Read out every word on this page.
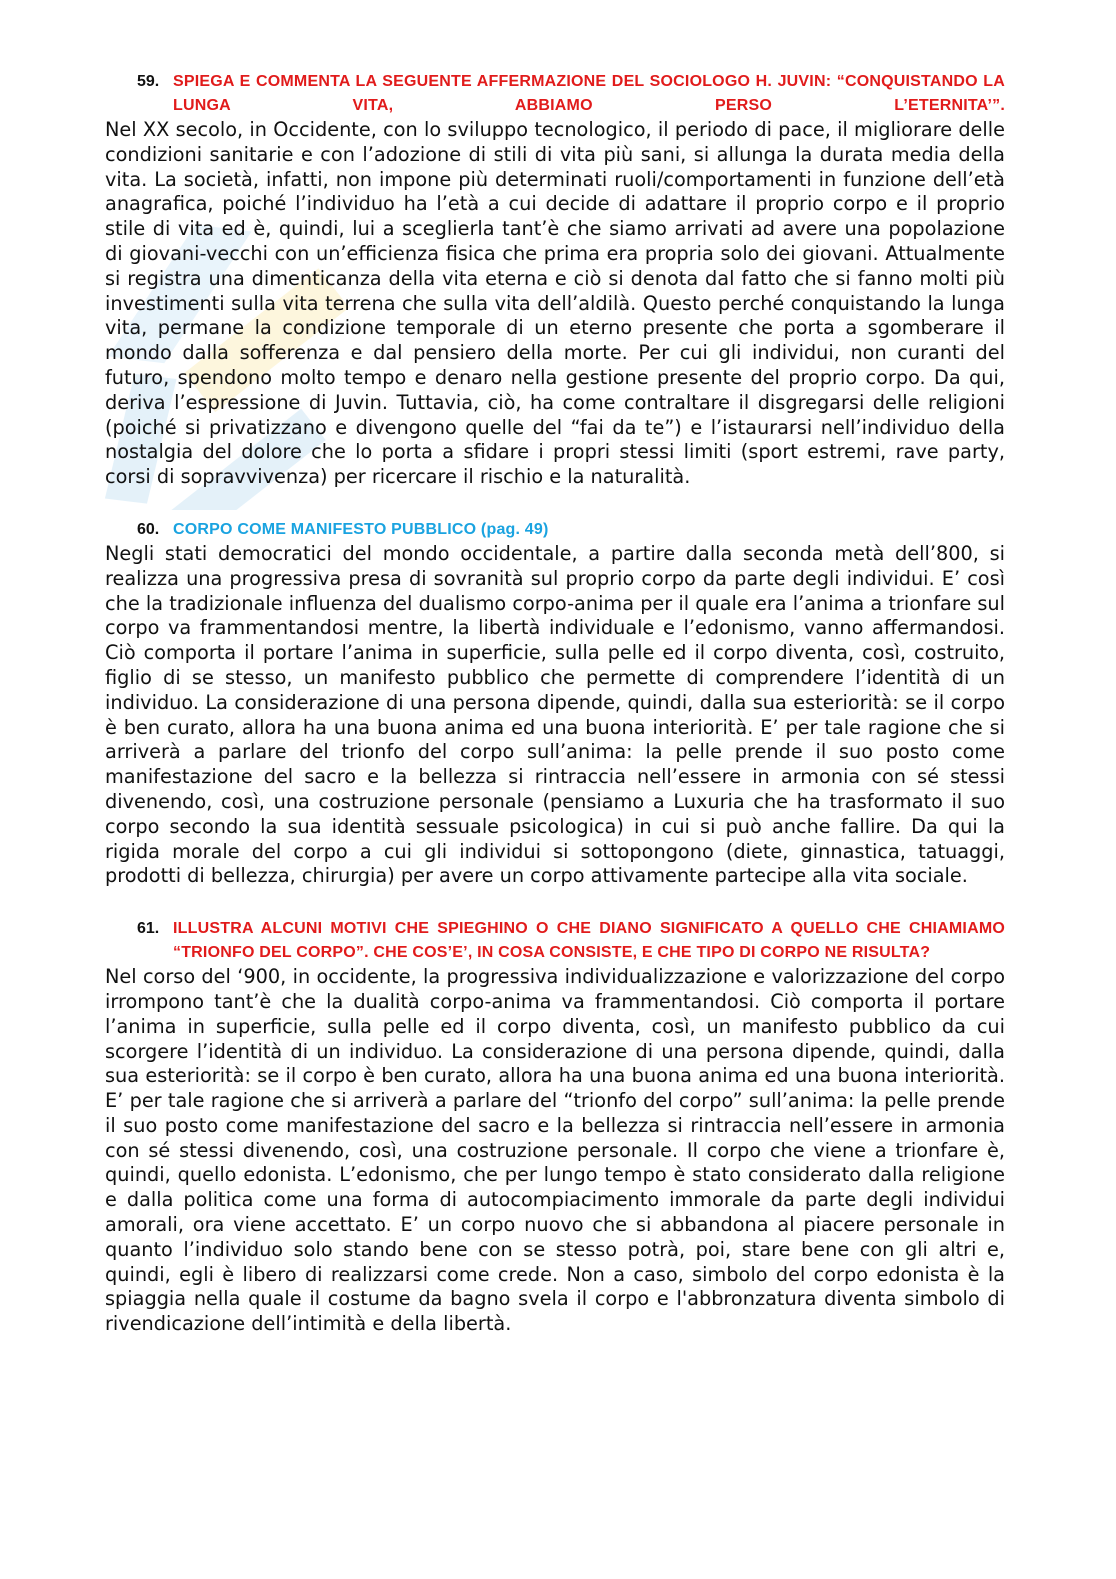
59. SPIEGA E COMMENTA LA SEGUENTE AFFERMAZIONE DEL SOCIOLOGO H. JUVIN: “CONQUISTANDO LA LUNGA VITA, ABBIAMO PERSO L’ETERNITA’”.

Nel XX secolo, in Occidente, con lo sviluppo tecnologico, il periodo di pace, il migliorare delle condizioni sanitarie e con l’adozione di stili di vita più sani, si allunga la durata media della vita. La società, infatti, non impone più determinati ruoli/comportamenti in funzione dell’età anagrafica, poiché l’individuo ha l’età a cui decide di adattare il proprio corpo e il proprio stile di vita ed è, quindi, lui a sceglierla tant’è che siamo arrivati ad avere una popolazione di giovani-vecchi con un’efficienza fisica che prima era propria solo dei giovani. Attualmente si registra una dimenticanza della vita eterna e ciò si denota dal fatto che si fanno molti più investimenti sulla vita terrena che sulla vita dell’aldilà. Questo perché conquistando la lunga vita, permane la condizione temporale di un eterno presente che porta a sgomberare il mondo dalla sofferenza e dal pensiero della morte. Per cui gli individui, non curanti del futuro, spendono molto tempo e denaro nella gestione presente del proprio corpo. Da qui, deriva l’espressione di Juvin. Tuttavia, ciò, ha come contraltare il disgregarsi delle religioni (poiché si privatizzano e divengono quelle del “fai da te”) e l’istaurarsi nell’individuo della nostalgia del dolore che lo porta a sfidare i propri stessi limiti (sport estremi, rave party, corsi di sopravvivenza) per ricercare il rischio e la naturalità.

60. CORPO COME MANIFESTO PUBBLICO (pag. 49)

Negli stati democratici del mondo occidentale, a partire dalla seconda metà dell’800, si realizza una progressiva presa di sovranità sul proprio corpo da parte degli individui. E’ così che la tradizionale influenza del dualismo corpo-anima per il quale era l’anima a trionfare sul corpo va frammentandosi mentre, la libertà individuale e l’edonismo, vanno affermandosi. Ciò comporta il portare l’anima in superficie, sulla pelle ed il corpo diventa, così, costruito, figlio di se stesso, un manifesto pubblico che permette di comprendere l’identità di un individuo. La considerazione di una persona dipende, quindi, dalla sua esteriorità: se il corpo è ben curato, allora ha una buona anima ed una buona interiorità. E’ per tale ragione che si arriverà a parlare del trionfo del corpo sull’anima: la pelle prende il suo posto come manifestazione del sacro e la bellezza si rintraccia nell’essere in armonia con sé stessi divenendo, così, una costruzione personale (pensiamo a Luxuria che ha trasformato il suo corpo secondo la sua identità sessuale psicologica) in cui si può anche fallire. Da qui la rigida morale del corpo a cui gli individui si sottopongono (diete, ginnastica, tatuaggi, prodotti di bellezza, chirurgia) per avere un corpo attivamente partecipe alla vita sociale.

61. ILLUSTRA ALCUNI MOTIVI CHE SPIEGHINO O CHE DIANO SIGNIFICATO A QUELLO CHE CHIAMIAMO “TRIONFO DEL CORPO”. CHE COS’E’, IN COSA CONSISTE, E CHE TIPO DI CORPO NE RISULTA?

Nel corso del ‘900, in occidente, la progressiva individualizzazione e valorizzazione del corpo irrompono tant’è che la dualità corpo-anima va frammentandosi. Ciò comporta il portare l’anima in superficie, sulla pelle ed il corpo diventa, così, un manifesto pubblico da cui scorgere l’identità di un individuo. La considerazione di una persona dipende, quindi, dalla sua esteriorità: se il corpo è ben curato, allora ha una buona anima ed una buona interiorità. E’ per tale ragione che si arriverà a parlare del “trionfo del corpo” sull’anima: la pelle prende il suo posto come manifestazione del sacro e la bellezza si rintraccia nell’essere in armonia con sé stessi divenendo, così, una costruzione personale. Il corpo che viene a trionfare è, quindi, quello edonista. L’edonismo, che per lungo tempo è stato considerato dalla religione e dalla politica come una forma di autocompiacimento immorale da parte degli individui amorali, ora viene accettato. E’ un corpo nuovo che si abbandona al piacere personale in quanto l’individuo solo stando bene con se stesso potrà, poi, stare bene con gli altri e, quindi, egli è libero di realizzarsi come crede. Non a caso, simbolo del corpo edonista è la spiaggia nella quale il costume da bagno svela il corpo e l'abbronzatura diventa simbolo di rivendicazione dell’intimità e della libertà.
